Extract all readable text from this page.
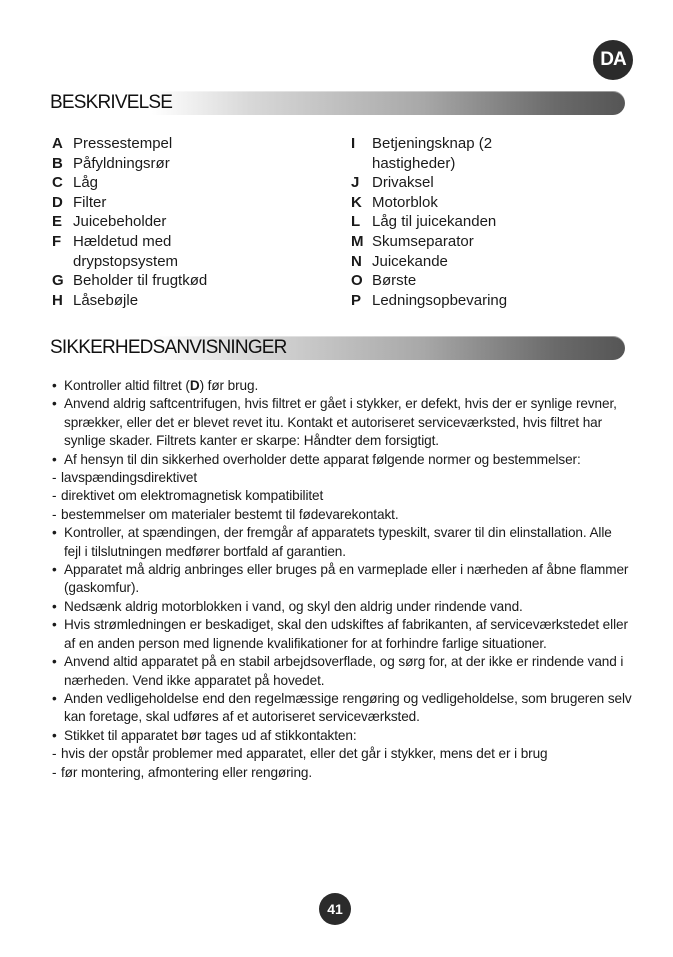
DA
BESKRIVELSE
A Pressestempel
B Påfyldningsrør
C Låg
D Filter
E Juicebeholder
F Hældetud med drypstopsystem
G Beholder til frugtkød
H Låsebøjle
I	Betjeningsknap (2 hastigheder)
J Drivaksel
K Motorblok
L Låg til juicekanden
M Skumseparator
N Juicekande
O Børste
P Ledningsopbevaring
SIKKERHEDSANVISNINGER
• Kontroller altid filtret (D) før brug.
• Anvend aldrig saftcentrifugen, hvis filtret er gået i stykker, er defekt, hvis der er synlige revner, sprækker, eller det er blevet revet itu. Kontakt et autoriseret serviceværksted, hvis filtret har synlige skader. Filtrets kanter er skarpe: Håndter dem forsigtigt.
• Af hensyn til din sikkerhed overholder dette apparat følgende normer og bestemmelser:
- lavspændingsdirektivet
- direktivet om elektromagnetisk kompatibilitet
- bestemmelser om materialer bestemt til fødevarekontakt.
• Kontroller, at spændingen, der fremgår af apparatets typeskilt, svarer til din elinstallation. Alle fejl i tilslutningen medfører bortfald af garantien.
• Apparatet må aldrig anbringes eller bruges på en varmeplade eller i nærheden af åbne flammer (gaskomfur).
• Nedsænk aldrig motorblokken i vand, og skyl den aldrig under rindende vand.
• Hvis strømledningen er beskadiget, skal den udskiftes af fabrikanten, af serviceværkstedet eller af en anden person med lignende kvalifikationer for at forhindre farlige situationer.
• Anvend altid apparatet på en stabil arbejdsoverflade, og sørg for, at der ikke er rindende vand i nærheden. Vend ikke apparatet på hovedet.
• Anden vedligeholdelse end den regelmæssige rengøring og vedligeholdelse, som brugeren selv kan foretage, skal udføres af et autoriseret serviceværksted.
• Stikket til apparatet bør tages ud af stikkontakten:
- hvis der opstår problemer med apparatet, eller det går i stykker, mens det er i brug
- før montering, afmontering eller rengøring.
41
